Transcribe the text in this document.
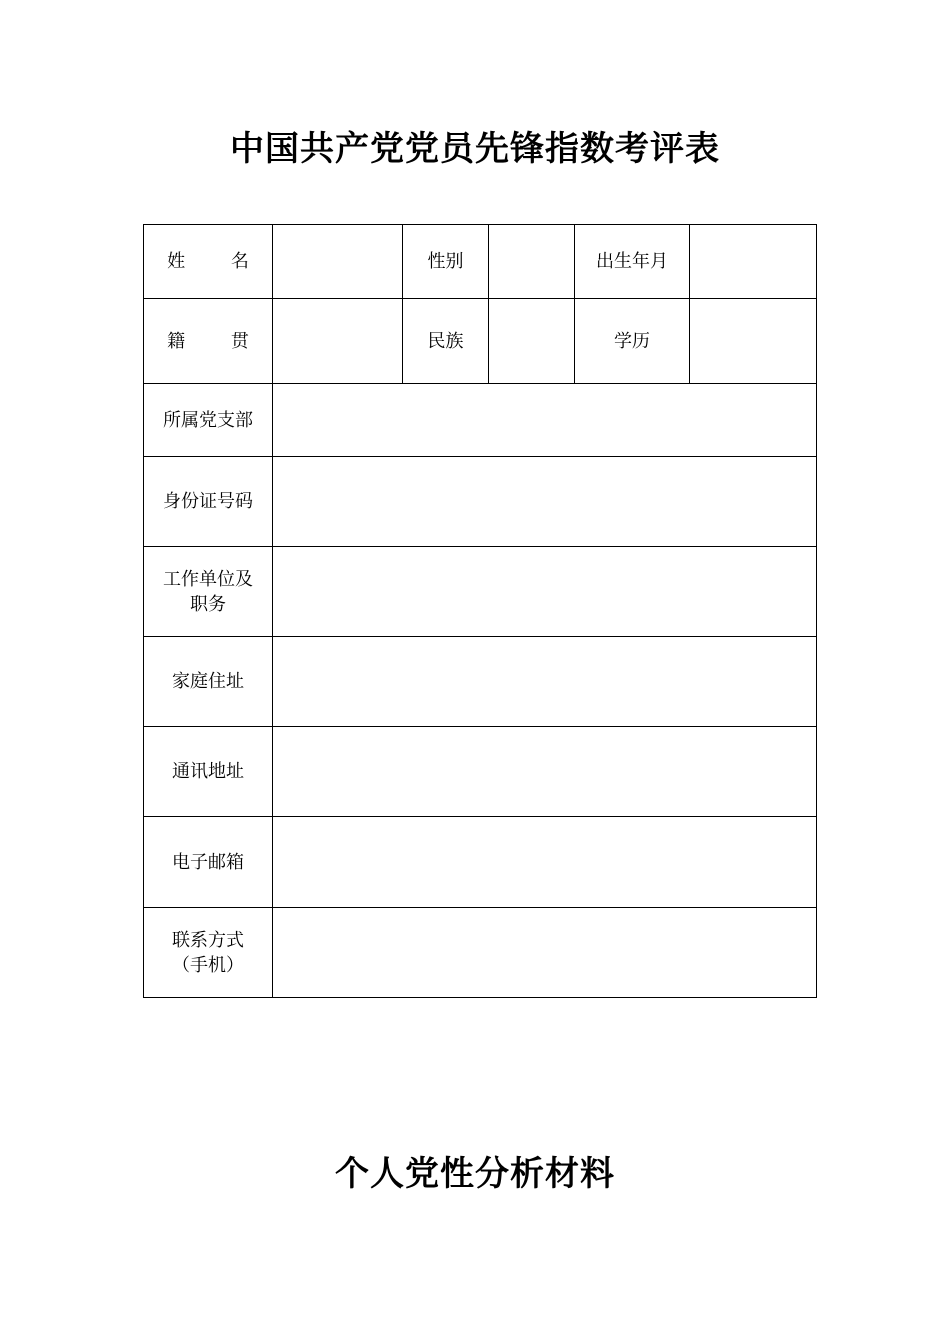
中国共产党党员先锋指数考评表
姓 名		性别		出生年月	
籍 贯		民族		学历	
所属党支部					
身份证号码					
工作单位及
职务					
家庭住址					
通讯地址					
电子邮箱					
联系方式
（手机）					
个人党性分析材料
